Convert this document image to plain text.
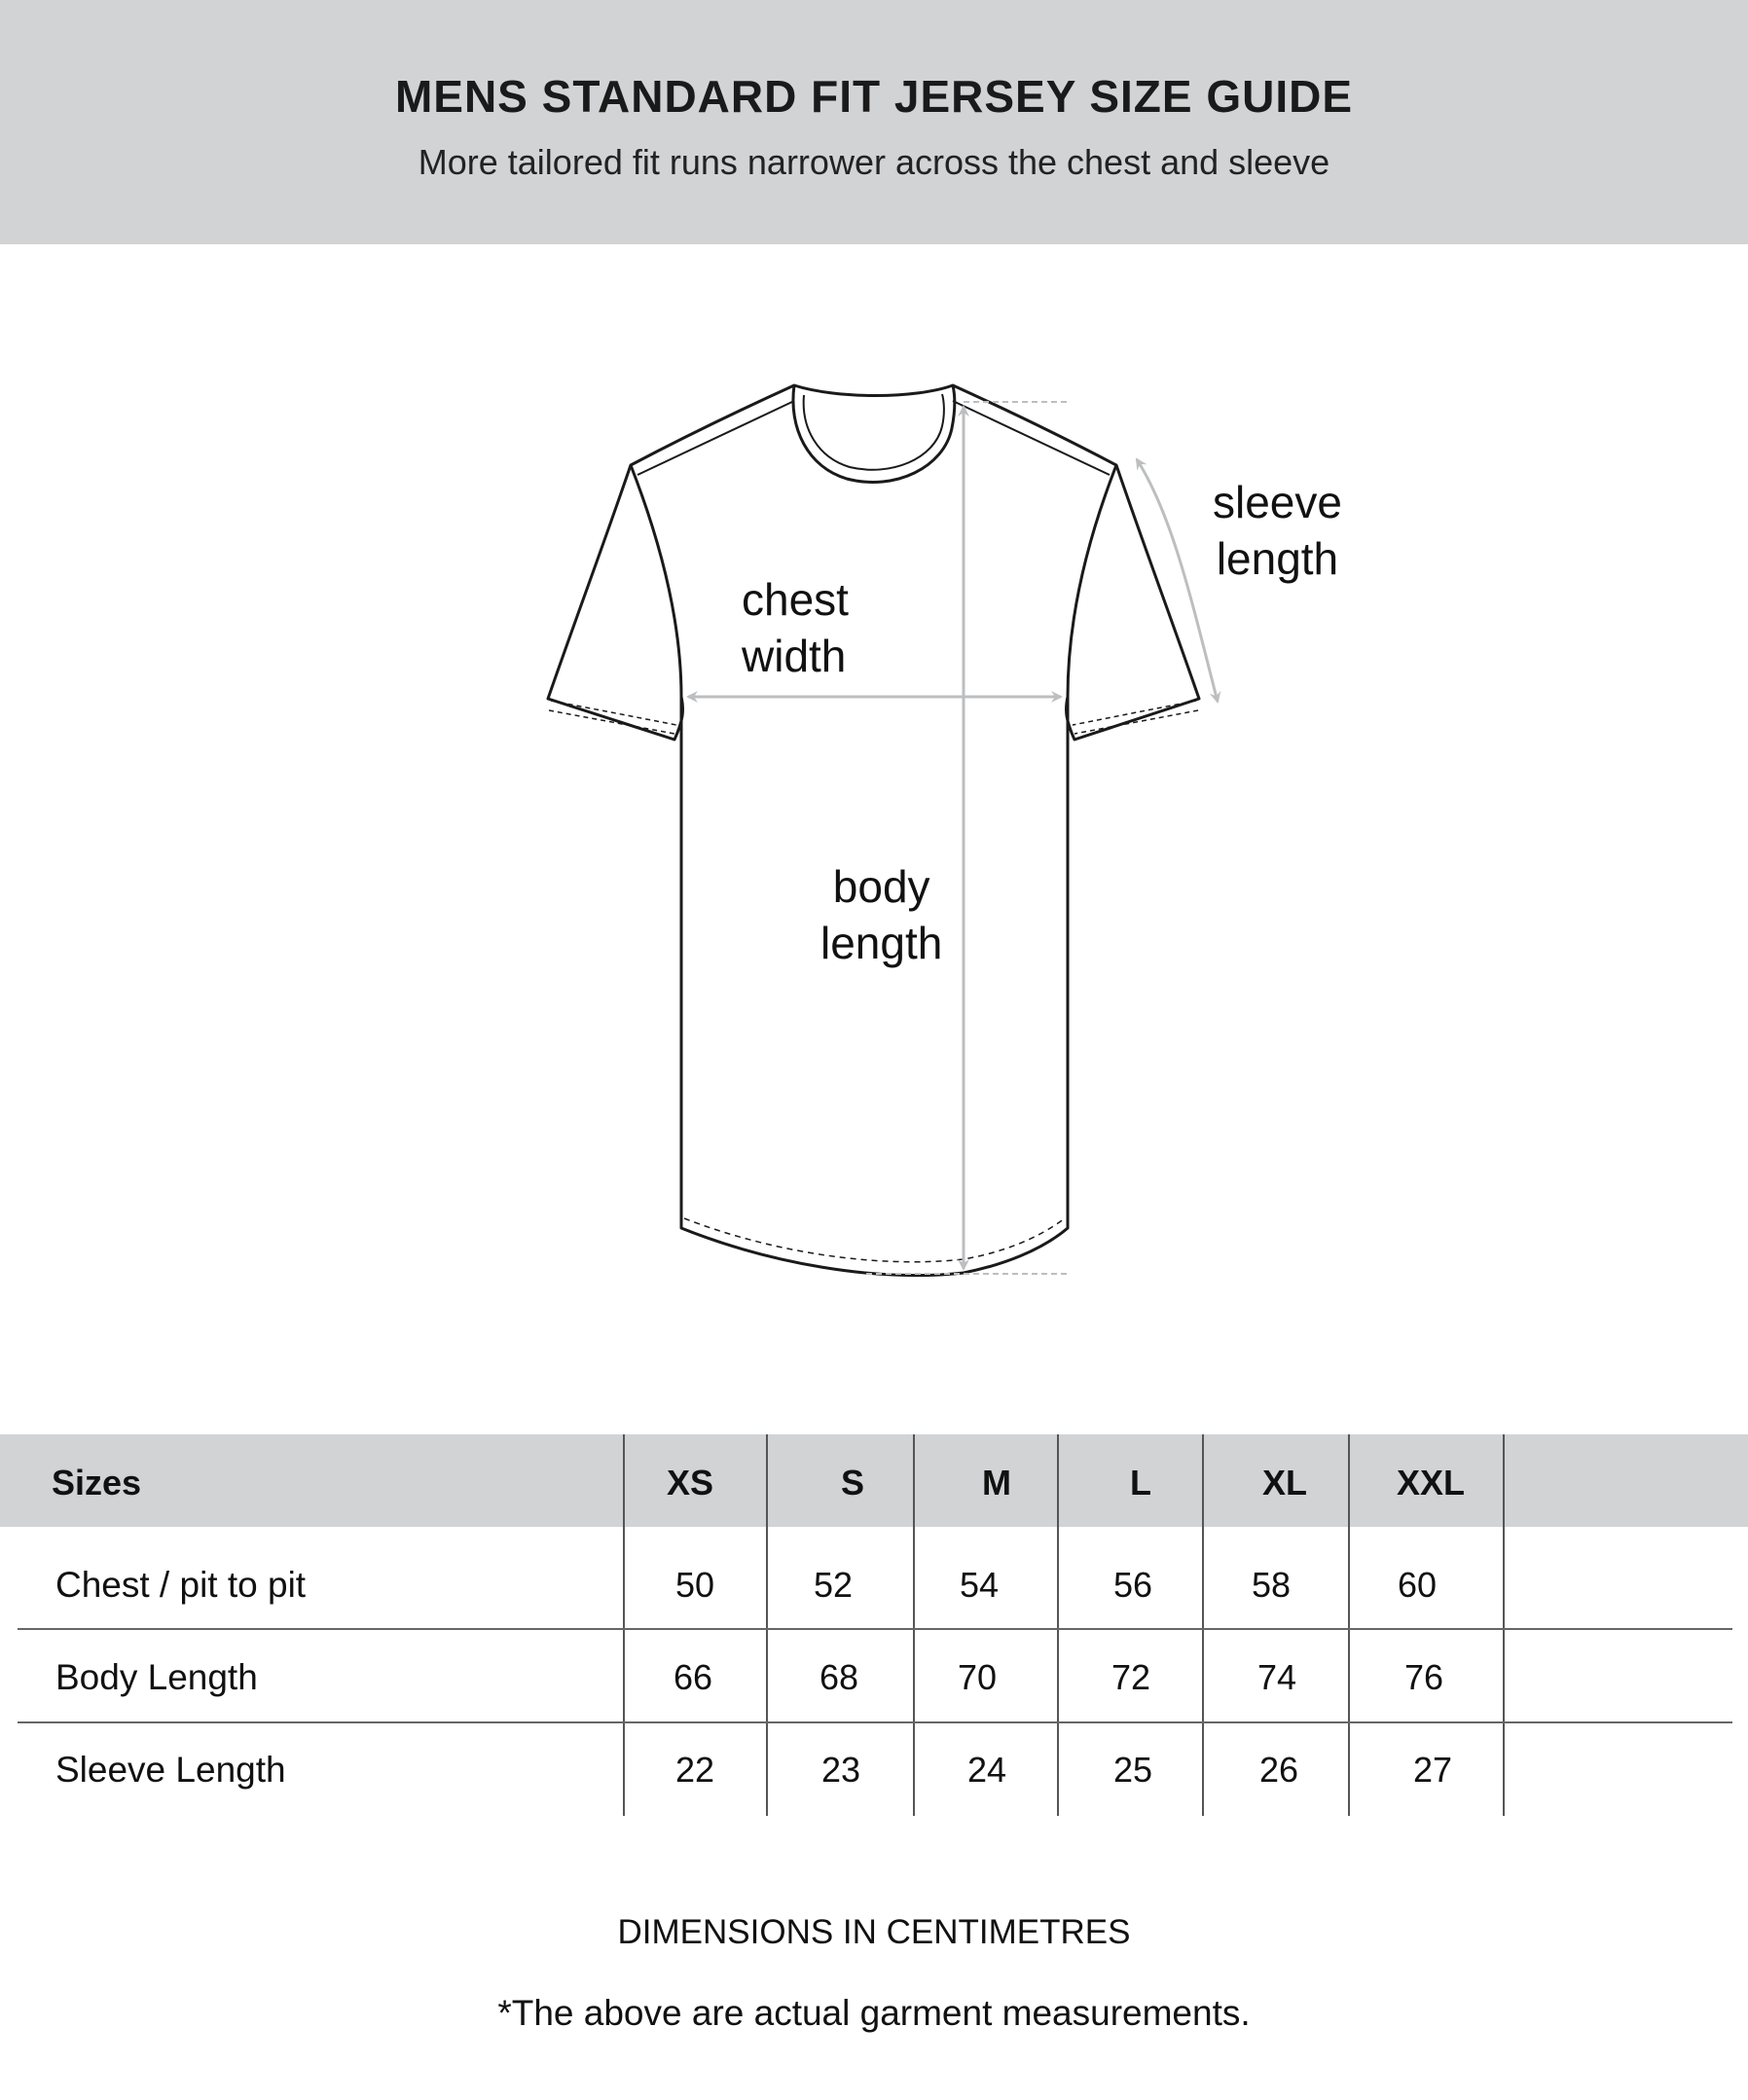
MENS STANDARD FIT JERSEY SIZE GUIDE
More tailored fit runs narrower across the chest and sleeve
chest
width
body
length
sleeve
length
Sizes	XS	S	M	L	XL	XXL
Chest / pit to pit	50	52	54	56	58	60
Body Length	66	68	70	72	74	76
Sleeve Length	22	23	24	25	26	27
DIMENSIONS IN CENTIMETRES
*The above are actual garment measurements.
